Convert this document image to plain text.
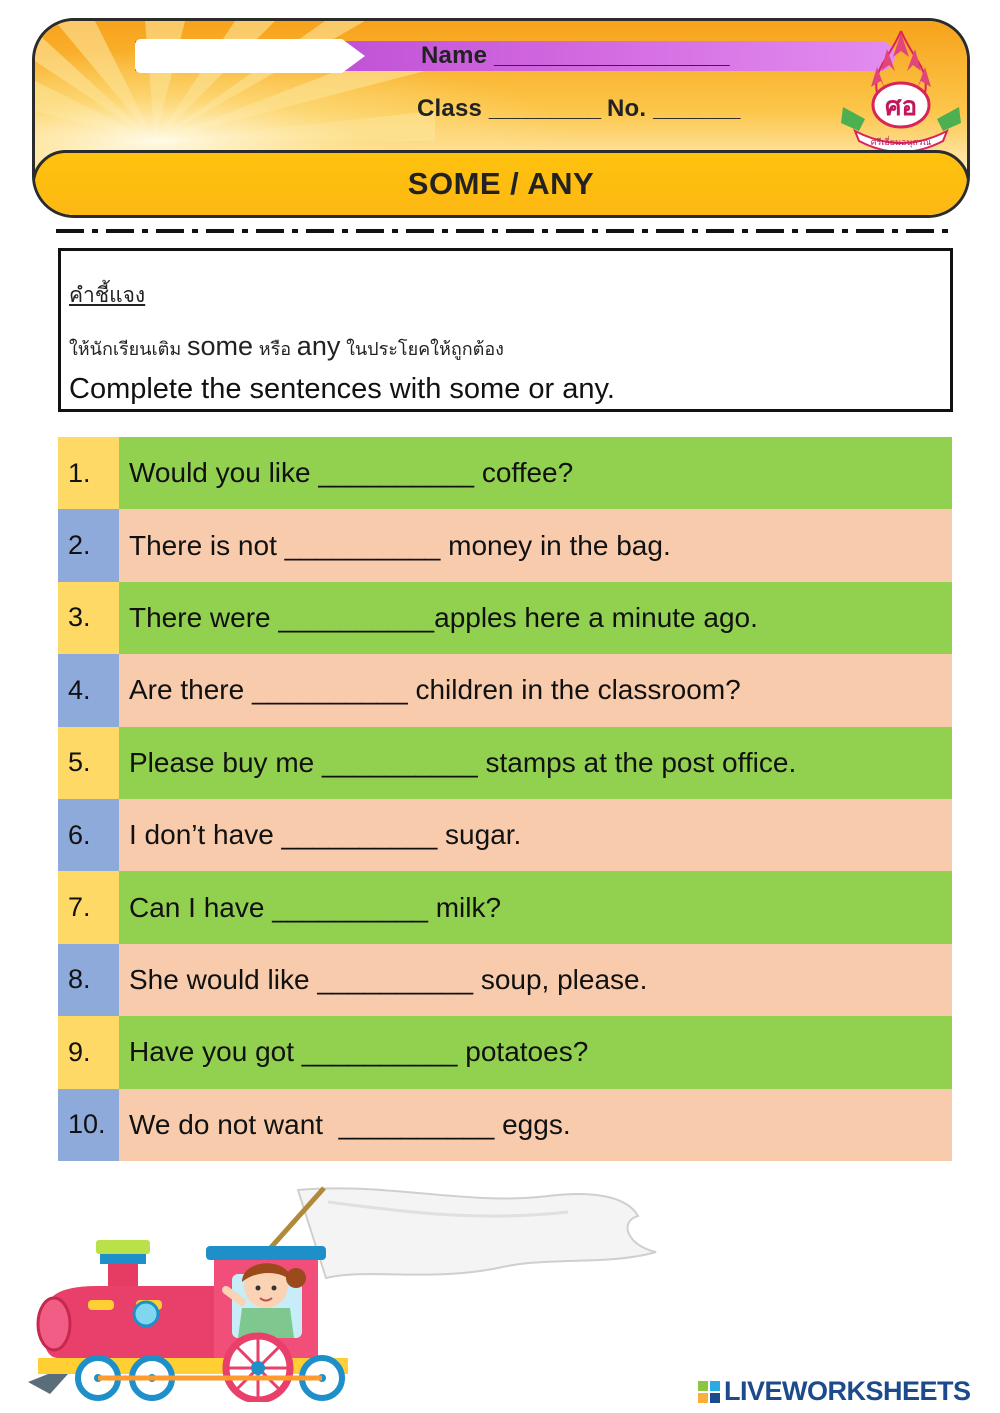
Name ___________________
Class _________ No. _______	ศอ
ศรีเอี่ยมอนุสรณ์
SOME / ANY
คำชี้แจง
ให้นักเรียนเติม some หรือ any ในประโยคให้ถูกต้อง
Complete the sentences with some or any.
1.	Would you like __________ coffee?
2.	There is not __________ money in the bag.
3.	There were __________apples here a minute ago.
4.	Are there __________ children in the classroom?
5.	Please buy me __________ stamps at the post office.
6.	I don’t have __________ sugar.
7.	Can I have __________ milk?
8.	She would like __________ soup, please.
9.	Have you got __________ potatoes?
10. We do not want  __________ eggs.
LIVEWORKSHEETS
